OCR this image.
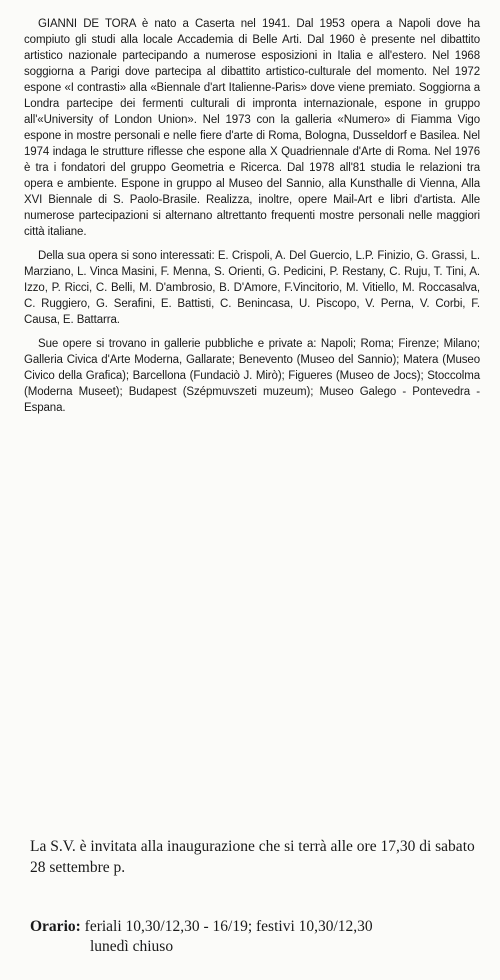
GIANNI DE TORA è nato a Caserta nel 1941. Dal 1953 opera a Napoli dove ha compiuto gli studi alla locale Accademia di Belle Arti. Dal 1960 è presente nel dibattito artistico nazionale partecipando a numerose esposizioni in Italia e all'estero. Nel 1968 soggiorna a Parigi dove partecipa al dibattito artistico-culturale del momento. Nel 1972 espone «I contrasti» alla «Biennale d'art Italienne-Paris» dove viene premiato. Soggiorna a Londra partecipe dei fermenti culturali di impronta internazionale, espone in gruppo all'«University of London Union». Nel 1973 con la galleria «Numero» di Fiamma Vigo espone in mostre personali e nelle fiere d'arte di Roma, Bologna, Dusseldorf e Basilea. Nel 1974 indaga le strutture riflesse che espone alla X Quadriennale d'Arte di Roma. Nel 1976 è tra i fondatori del gruppo Geometria e Ricerca. Dal 1978 all'81 studia le relazioni tra opera e ambiente. Espone in gruppo al Museo del Sannio, alla Kunsthalle di Vienna, Alla XVI Biennale di S. Paolo-Brasile. Realizza, inoltre, opere Mail-Art e libri d'artista. Alle numerose partecipazioni si alternano altrettanto frequenti mostre personali nelle maggiori città italiane.

Della sua opera si sono interessati: E. Crispoli, A. Del Guercio, L.P. Finizio, G. Grassi, L. Marziano, L. Vinca Masini, F. Menna, S. Orienti, G. Pedicini, P. Restany, C. Ruju, T. Tini, A. Izzo, P. Ricci, C. Belli, M. D'ambrosio, B. D'Amore, F.Vincitorio, M. Vitiello, M. Roccasalva, C. Ruggiero, G. Serafini, E. Battisti, C. Benincasa, U. Piscopo, V. Perna, V. Corbi, F. Causa, E. Battarra.

Sue opere si trovano in gallerie pubbliche e private a: Napoli; Roma; Firenze; Milano; Galleria Civica d'Arte Moderna, Gallarate; Benevento (Museo del Sannio); Matera (Museo Civico della Grafica); Barcellona (Fundaciò J. Mirò); Figueres (Museo de Jocs); Stoccolma (Moderna Museet); Budapest (Szépmuvszeti muzeum); Museo Galego - Pontevedra - Espana.

La S.V. è invitata alla inaugurazione che si terrà alle ore 17,30 di sabato 28 settembre p.

Orario: feriali 10,30/12,30 - 16/19; festivi 10,30/12,30
lunedì chiuso
